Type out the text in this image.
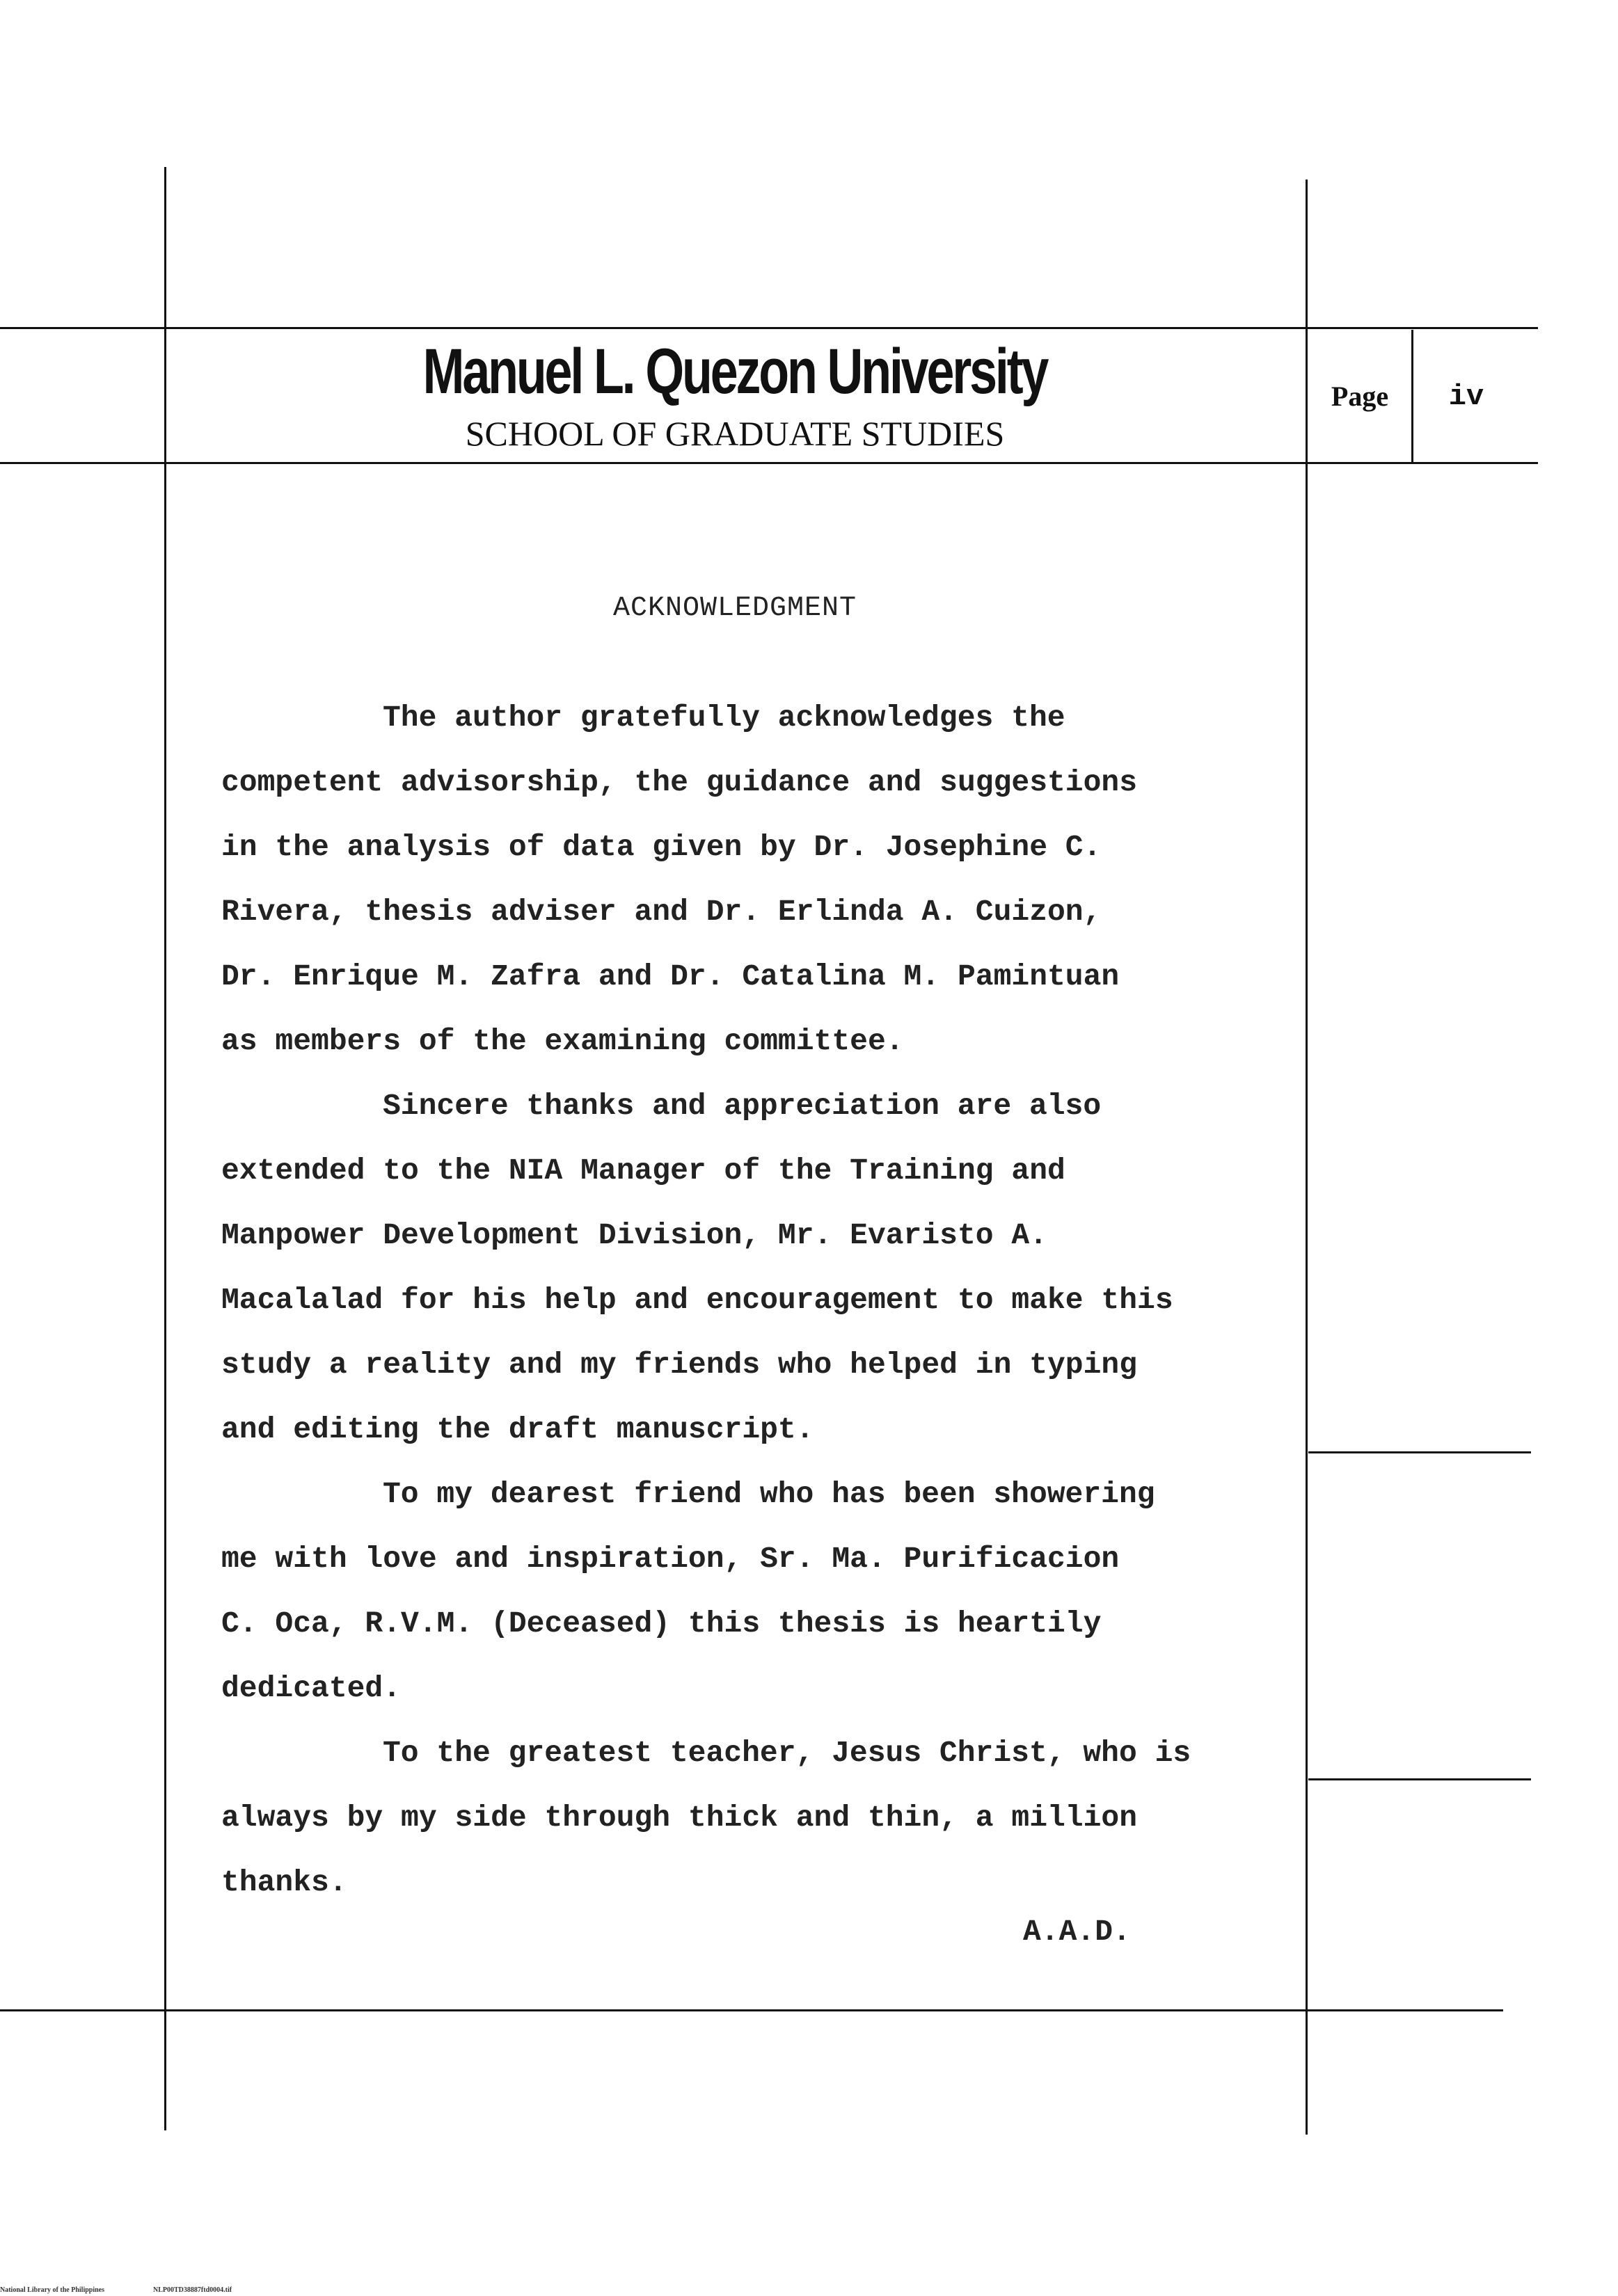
Manuel L. Quezon University
SCHOOL OF GRADUATE STUDIES
Page	iv
ACKNOWLEDGMENT

The author gratefully acknowledges the
competent advisorship, the guidance and suggestions
in the analysis of data given by Dr. Josephine C.
Rivera, thesis adviser and Dr. Erlinda A. Cuizon,
Dr. Enrique M. Zafra and Dr. Catalina M. Pamintuan
as members of the examining committee.

Sincere thanks and appreciation are also
extended to the NIA Manager of the Training and
Manpower Development Division, Mr. Evaristo A.
Macalalad for his help and encouragement to make this
study a reality and my friends who helped in typing
and editing the draft manuscript.

To my dearest friend who has been showering
me with love and inspiration, Sr. Ma. Purificacion
C. Oca, R.V.M. (Deceased) this thesis is heartily
dedicated.

To the greatest teacher, Jesus Christ, who is
always by my side through thick and thin, a million
thanks.

A.A.D.
National Library of the Philippines	NLP00TD38887ftd0004.tif
